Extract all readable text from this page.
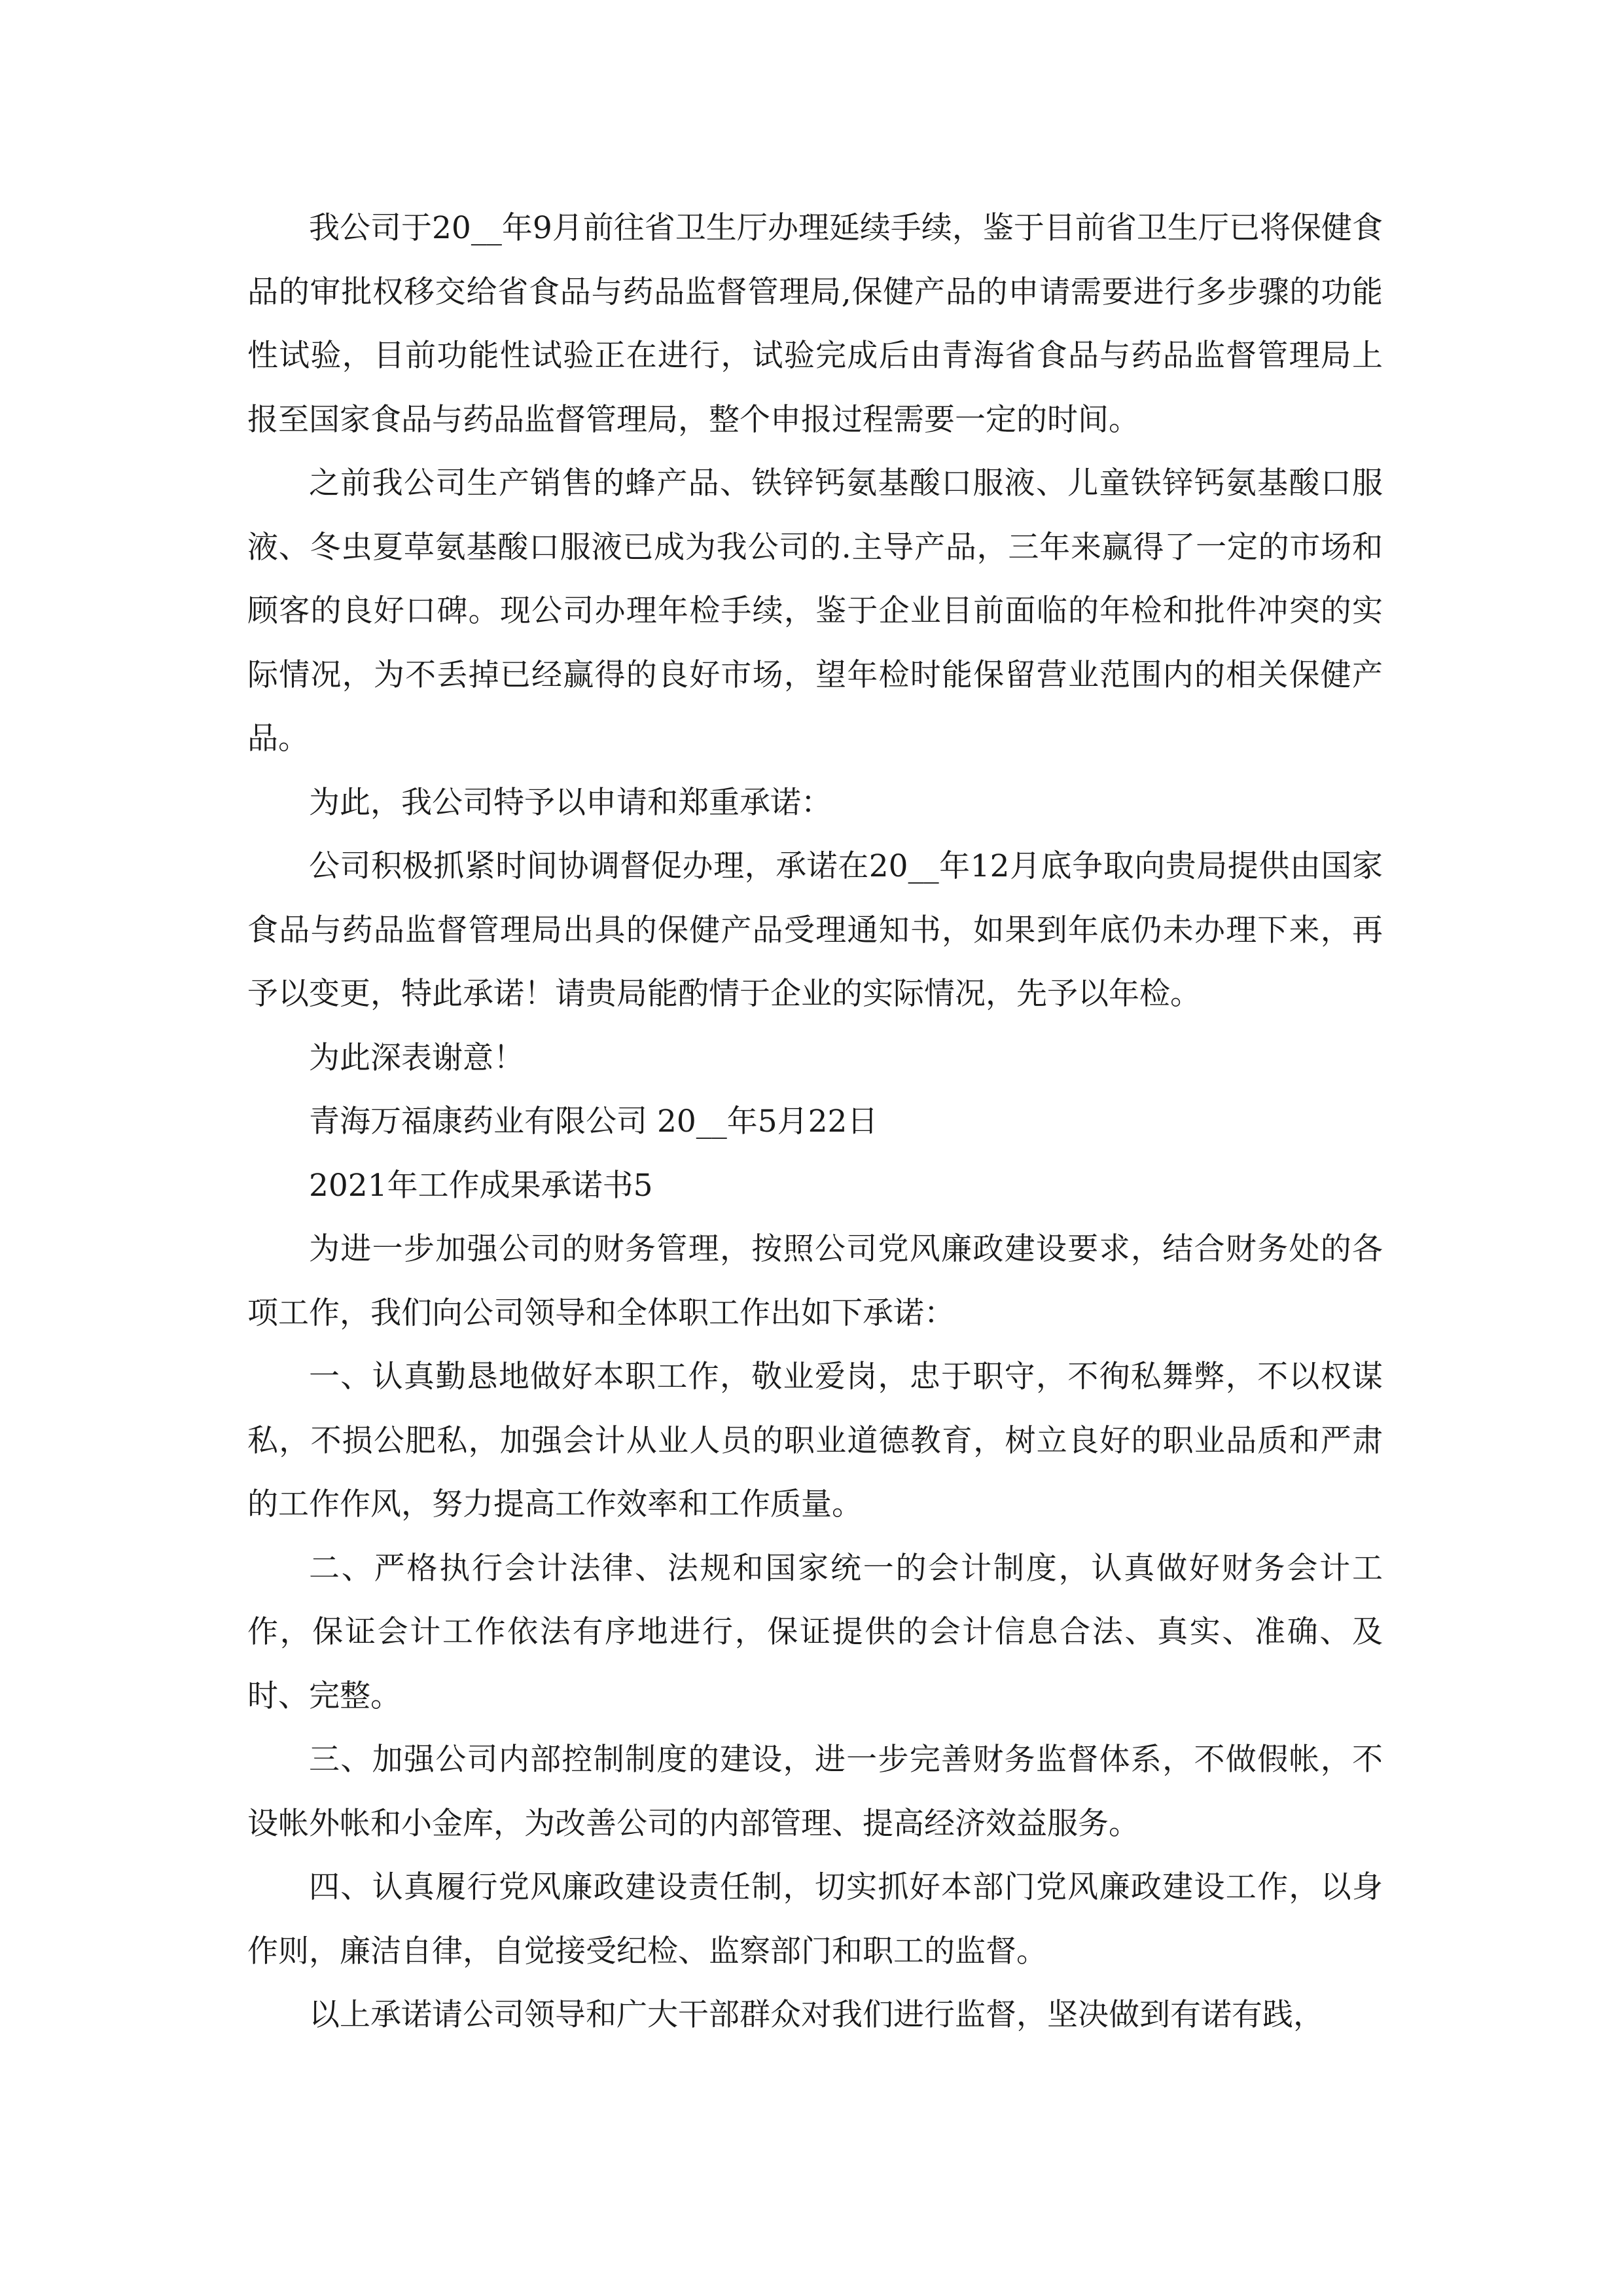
我公司于20__年9月前往省卫生厅办理延续手续，鉴于目前省卫生厅已将保健食品的审批权移交给省食品与药品监督管理局,保健产品的申请需要进行多步骤的功能性试验，目前功能性试验正在进行，试验完成后由青海省食品与药品监督管理局上报至国家食品与药品监督管理局，整个申报过程需要一定的时间。

之前我公司生产销售的蜂产品、铁锌钙氨基酸口服液、儿童铁锌钙氨基酸口服液、冬虫夏草氨基酸口服液已成为我公司的.主导产品，三年来赢得了一定的市场和顾客的良好口碑。现公司办理年检手续，鉴于企业目前面临的年检和批件冲突的实际情况，为不丢掉已经赢得的良好市场，望年检时能保留营业范围内的相关保健产品。

为此，我公司特予以申请和郑重承诺：

公司积极抓紧时间协调督促办理，承诺在20__年12月底争取向贵局提供由国家食品与药品监督管理局出具的保健产品受理通知书，如果到年底仍未办理下来，再予以变更，特此承诺！请贵局能酌情于企业的实际情况，先予以年检。

为此深表谢意！

青海万福康药业有限公司 20__年5月22日

2021年工作成果承诺书5

为进一步加强公司的财务管理，按照公司党风廉政建设要求，结合财务处的各项工作，我们向公司领导和全体职工作出如下承诺：

一、认真勤恳地做好本职工作，敬业爱岗，忠于职守，不徇私舞弊，不以权谋私，不损公肥私，加强会计从业人员的职业道德教育，树立良好的职业品质和严肃的工作作风，努力提高工作效率和工作质量。

二、严格执行会计法律、法规和国家统一的会计制度，认真做好财务会计工作，保证会计工作依法有序地进行，保证提供的会计信息合法、真实、准确、及时、完整。

三、加强公司内部控制制度的建设，进一步完善财务监督体系，不做假帐，不设帐外帐和小金库，为改善公司的内部管理、提高经济效益服务。

四、认真履行党风廉政建设责任制，切实抓好本部门党风廉政建设工作，以身作则，廉洁自律，自觉接受纪检、监察部门和职工的监督。

以上承诺请公司领导和广大干部群众对我们进行监督，坚决做到有诺有践，
